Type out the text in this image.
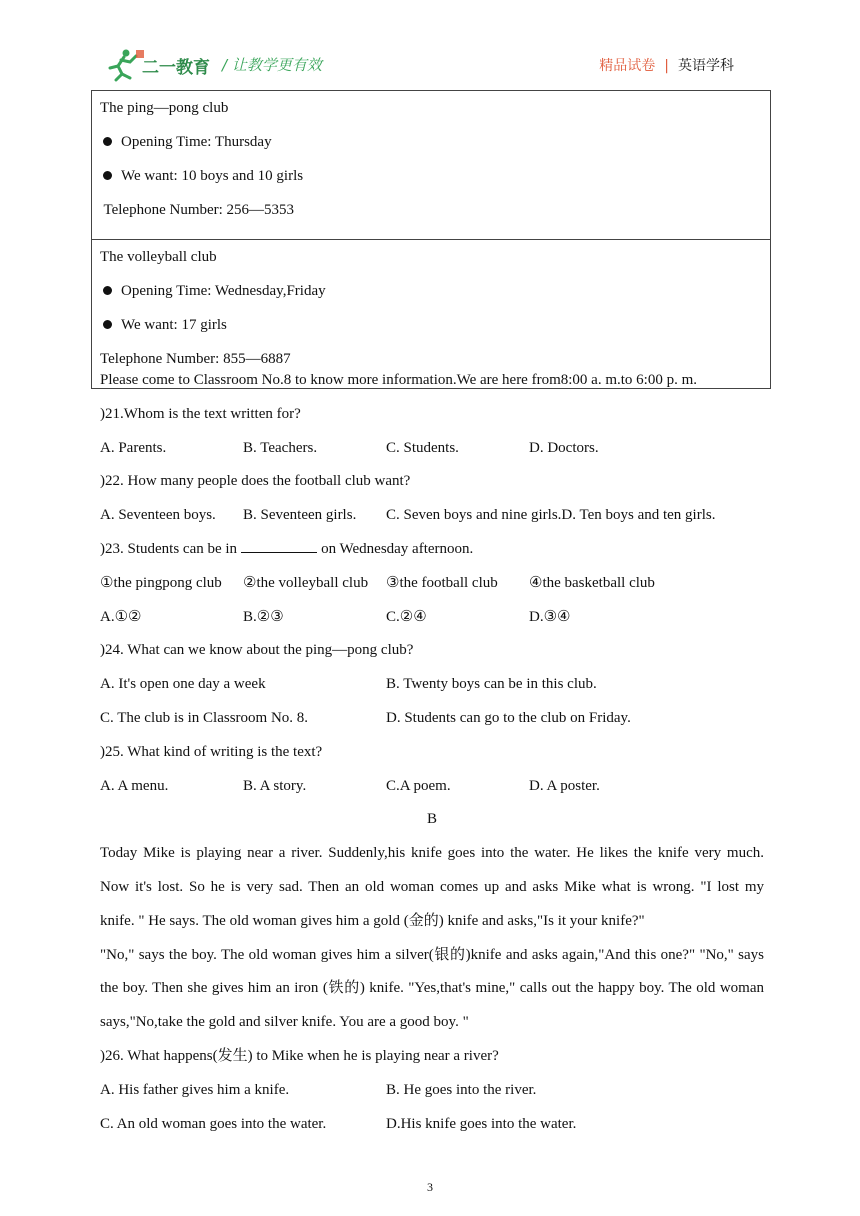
二一教育 / 让教学更有效	精品试卷 | 英语学科
The ping—pong club
Opening Time: Thursday
We want: 10 boys and 10 girls
Telephone Number: 256—5353
The volleyball club
Opening Time: Wednesday,Friday
We want: 17 girls
Telephone Number: 855—6887
Please come to Classroom No.8 to know more information.We are here from8:00 a. m.to 6:00 p. m.
)21.Whom is the text written for?
A. Parents.	B. Teachers.	C. Students.	D. Doctors.
)22. How many people does the football club want?
A. Seventeen boys.	B. Seventeen girls.	C. Seven boys and nine girls.D. Ten boys and ten girls.
)23. Students can be in	on Wednesday afternoon.
①the pingpong club	②the volleyball club	③the football club	④the basketball club
A.①②	B.②③	C.②④	D.③④
)24. What can we know about the ping—pong club?
A. It's open one day a week	B. Twenty boys can be in this club.
C. The club is in Classroom No. 8.	D. Students can go to the club on Friday.
)25. What kind of writing is the text?
A. A menu.	B. A story.	C.A poem.	D. A poster.
B
Today Mike is playing near a river. Suddenly,his knife goes into the water. He likes the knife very much.
Now it's lost. So he is very sad. Then an old woman comes up and asks Mike what is wrong. "I lost my
knife. " He says. The old woman gives him a gold (金的) knife and asks,"Is it your knife?"
"No," says the boy. The old woman gives him a silver(银的)knife and asks again,"And this one?" "No," says
the boy. Then she gives him an iron (铁的) knife. "Yes,that's mine," calls out the happy boy. The old woman
says,"No,take the gold and silver knife. You are a good boy. "
)26. What happens(发生) to Mike when he is playing near a river?
A. His father gives him a knife.	B. He goes into the river.
C. An old woman goes into the water.	D.His knife goes into the water.
3
